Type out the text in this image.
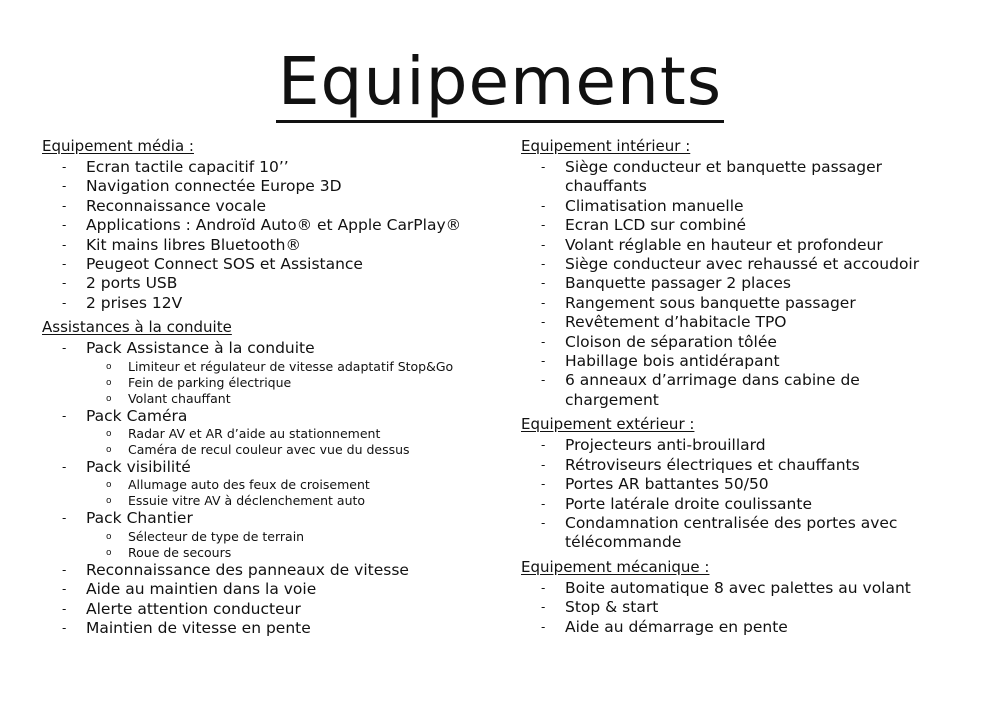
Equipements
Equipement média :
- Ecran tactile capacitif 10’’
- Navigation connectée Europe 3D
- Reconnaissance vocale
- Applications : Androïd Auto® et Apple CarPlay®
- Kit mains libres Bluetooth®
- Peugeot Connect SOS et Assistance
- 2 ports USB
- 2 prises 12V
Assistances à la conduite
- Pack Assistance à la conduite
o Limiteur et régulateur de vitesse adaptatif Stop&Go
o Fein de parking électrique
o Volant chauffant
- Pack Caméra
o Radar AV et AR d’aide au stationnement
o Caméra de recul couleur avec vue du dessus
- Pack visibilité
o Allumage auto des feux de croisement
o Essuie vitre AV à déclenchement auto
- Pack Chantier
o Sélecteur de type de terrain
o Roue de secours
- Reconnaissance des panneaux de vitesse
- Aide au maintien dans la voie
- Alerte attention conducteur
- Maintien de vitesse en pente
Equipement intérieur :
- Siège conducteur et banquette passager chauffants
- Climatisation manuelle
- Ecran LCD sur combiné
- Volant réglable en hauteur et profondeur
- Siège conducteur avec rehaussé et accoudoir
- Banquette passager 2 places
- Rangement sous banquette passager
- Revêtement d’habitacle TPO
- Cloison de séparation tôlée
- Habillage bois antidérapant
- 6 anneaux d’arrimage dans cabine de chargement
Equipement extérieur :
- Projecteurs anti-brouillard
- Rétroviseurs électriques et chauffants
- Portes AR battantes 50/50
- Porte latérale droite coulissante
- Condamnation centralisée des portes avec télécommande
Equipement mécanique :
- Boite automatique 8 avec palettes au volant
- Stop & start
- Aide au démarrage en pente
